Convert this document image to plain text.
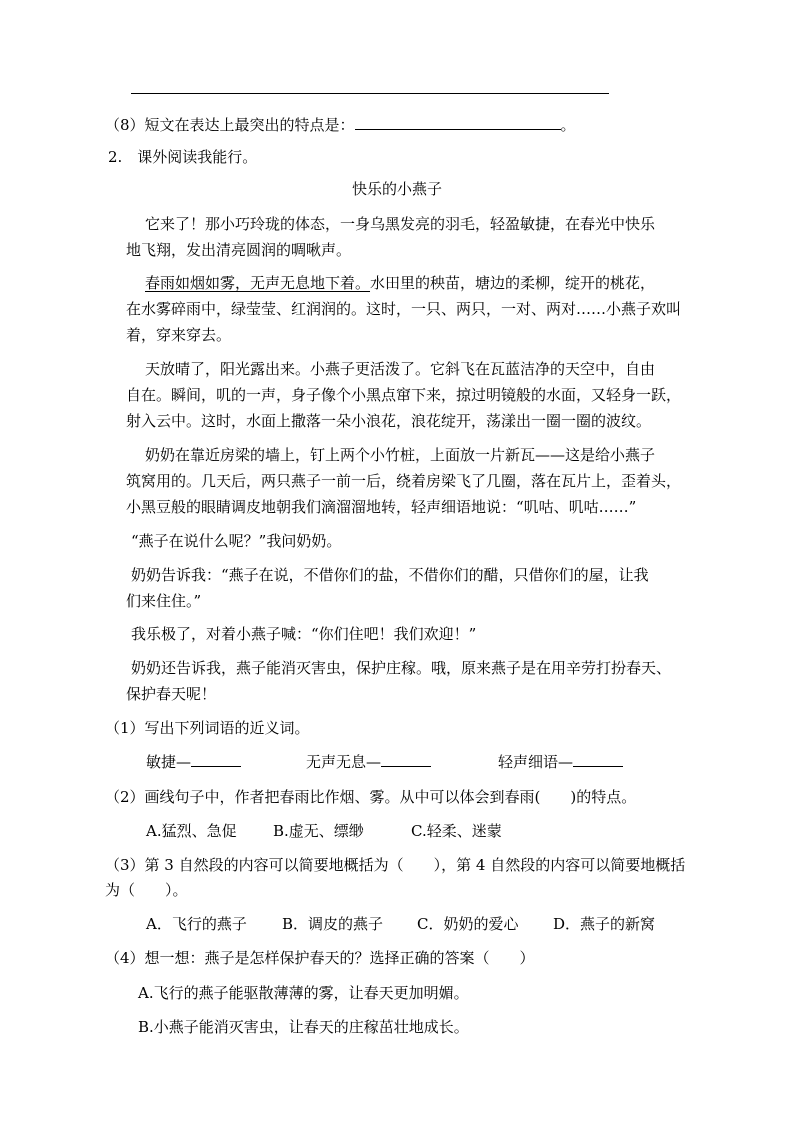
（8）短文在表达上最突出的特点是：	。
2.　课外阅读我能行。
快乐的小燕子
它来了！那小巧玲珑的体态，一身乌黑发亮的羽毛，轻盈敏捷，在春光中快乐
地飞翔，发出清亮圆润的啁啾声。
春雨如烟如雾，无声无息地下着。水田里的秧苗，塘边的柔柳，绽开的桃花，
在水雾碎雨中，绿莹莹、红润润的。这时，一只、两只，一对、两对……小燕子欢叫
着，穿来穿去。
天放晴了，阳光露出来。小燕子更活泼了。它斜飞在瓦蓝洁净的天空中，自由
自在。瞬间，叽的一声，身子像个小黑点窜下来，掠过明镜般的水面，又轻身一跃，
射入云中。这时，水面上撒落一朵小浪花，浪花绽开，荡漾出一圈一圈的波纹。
奶奶在靠近房梁的墙上，钉上两个小竹桩，上面放一片新瓦——这是给小燕子
筑窝用的。几天后，两只燕子一前一后，绕着房梁飞了几圈，落在瓦片上，歪着头，
小黑豆般的眼睛调皮地朝我们滴溜溜地转，轻声细语地说：“叽咕、叽咕……”
“燕子在说什么呢？”我问奶奶。
奶奶告诉我：“燕子在说，不借你们的盐，不借你们的醋，只借你们的屋，让我
们来住住。”
我乐极了，对着小燕子喊：“你们住吧！我们欢迎！”
奶奶还告诉我，燕子能消灭害虫，保护庄稼。哦，原来燕子是在用辛劳打扮春天、
保护春天呢！
（1）写出下列词语的近义词。
敏捷—	无声无息—	轻声细语—
（2）画线句子中，作者把春雨比作烟、雾。从中可以体会到春雨(　　)的特点。
A.猛烈、急促 B.虚无、缥缈	C.轻柔、迷蒙
（3）第 3 自然段的内容可以简要地概括为（　　），第 4 自然段的内容可以简要地概括
为（　　）。
A．飞行的燕子 B．调皮的燕子 C．奶奶的爱心 D．燕子的新窝
（4）想一想：燕子是怎样保护春天的？选择正确的答案（　　）
A.飞行的燕子能驱散薄薄的雾，让春天更加明媚。
B.小燕子能消灭害虫，让春天的庄稼茁壮地成长。
